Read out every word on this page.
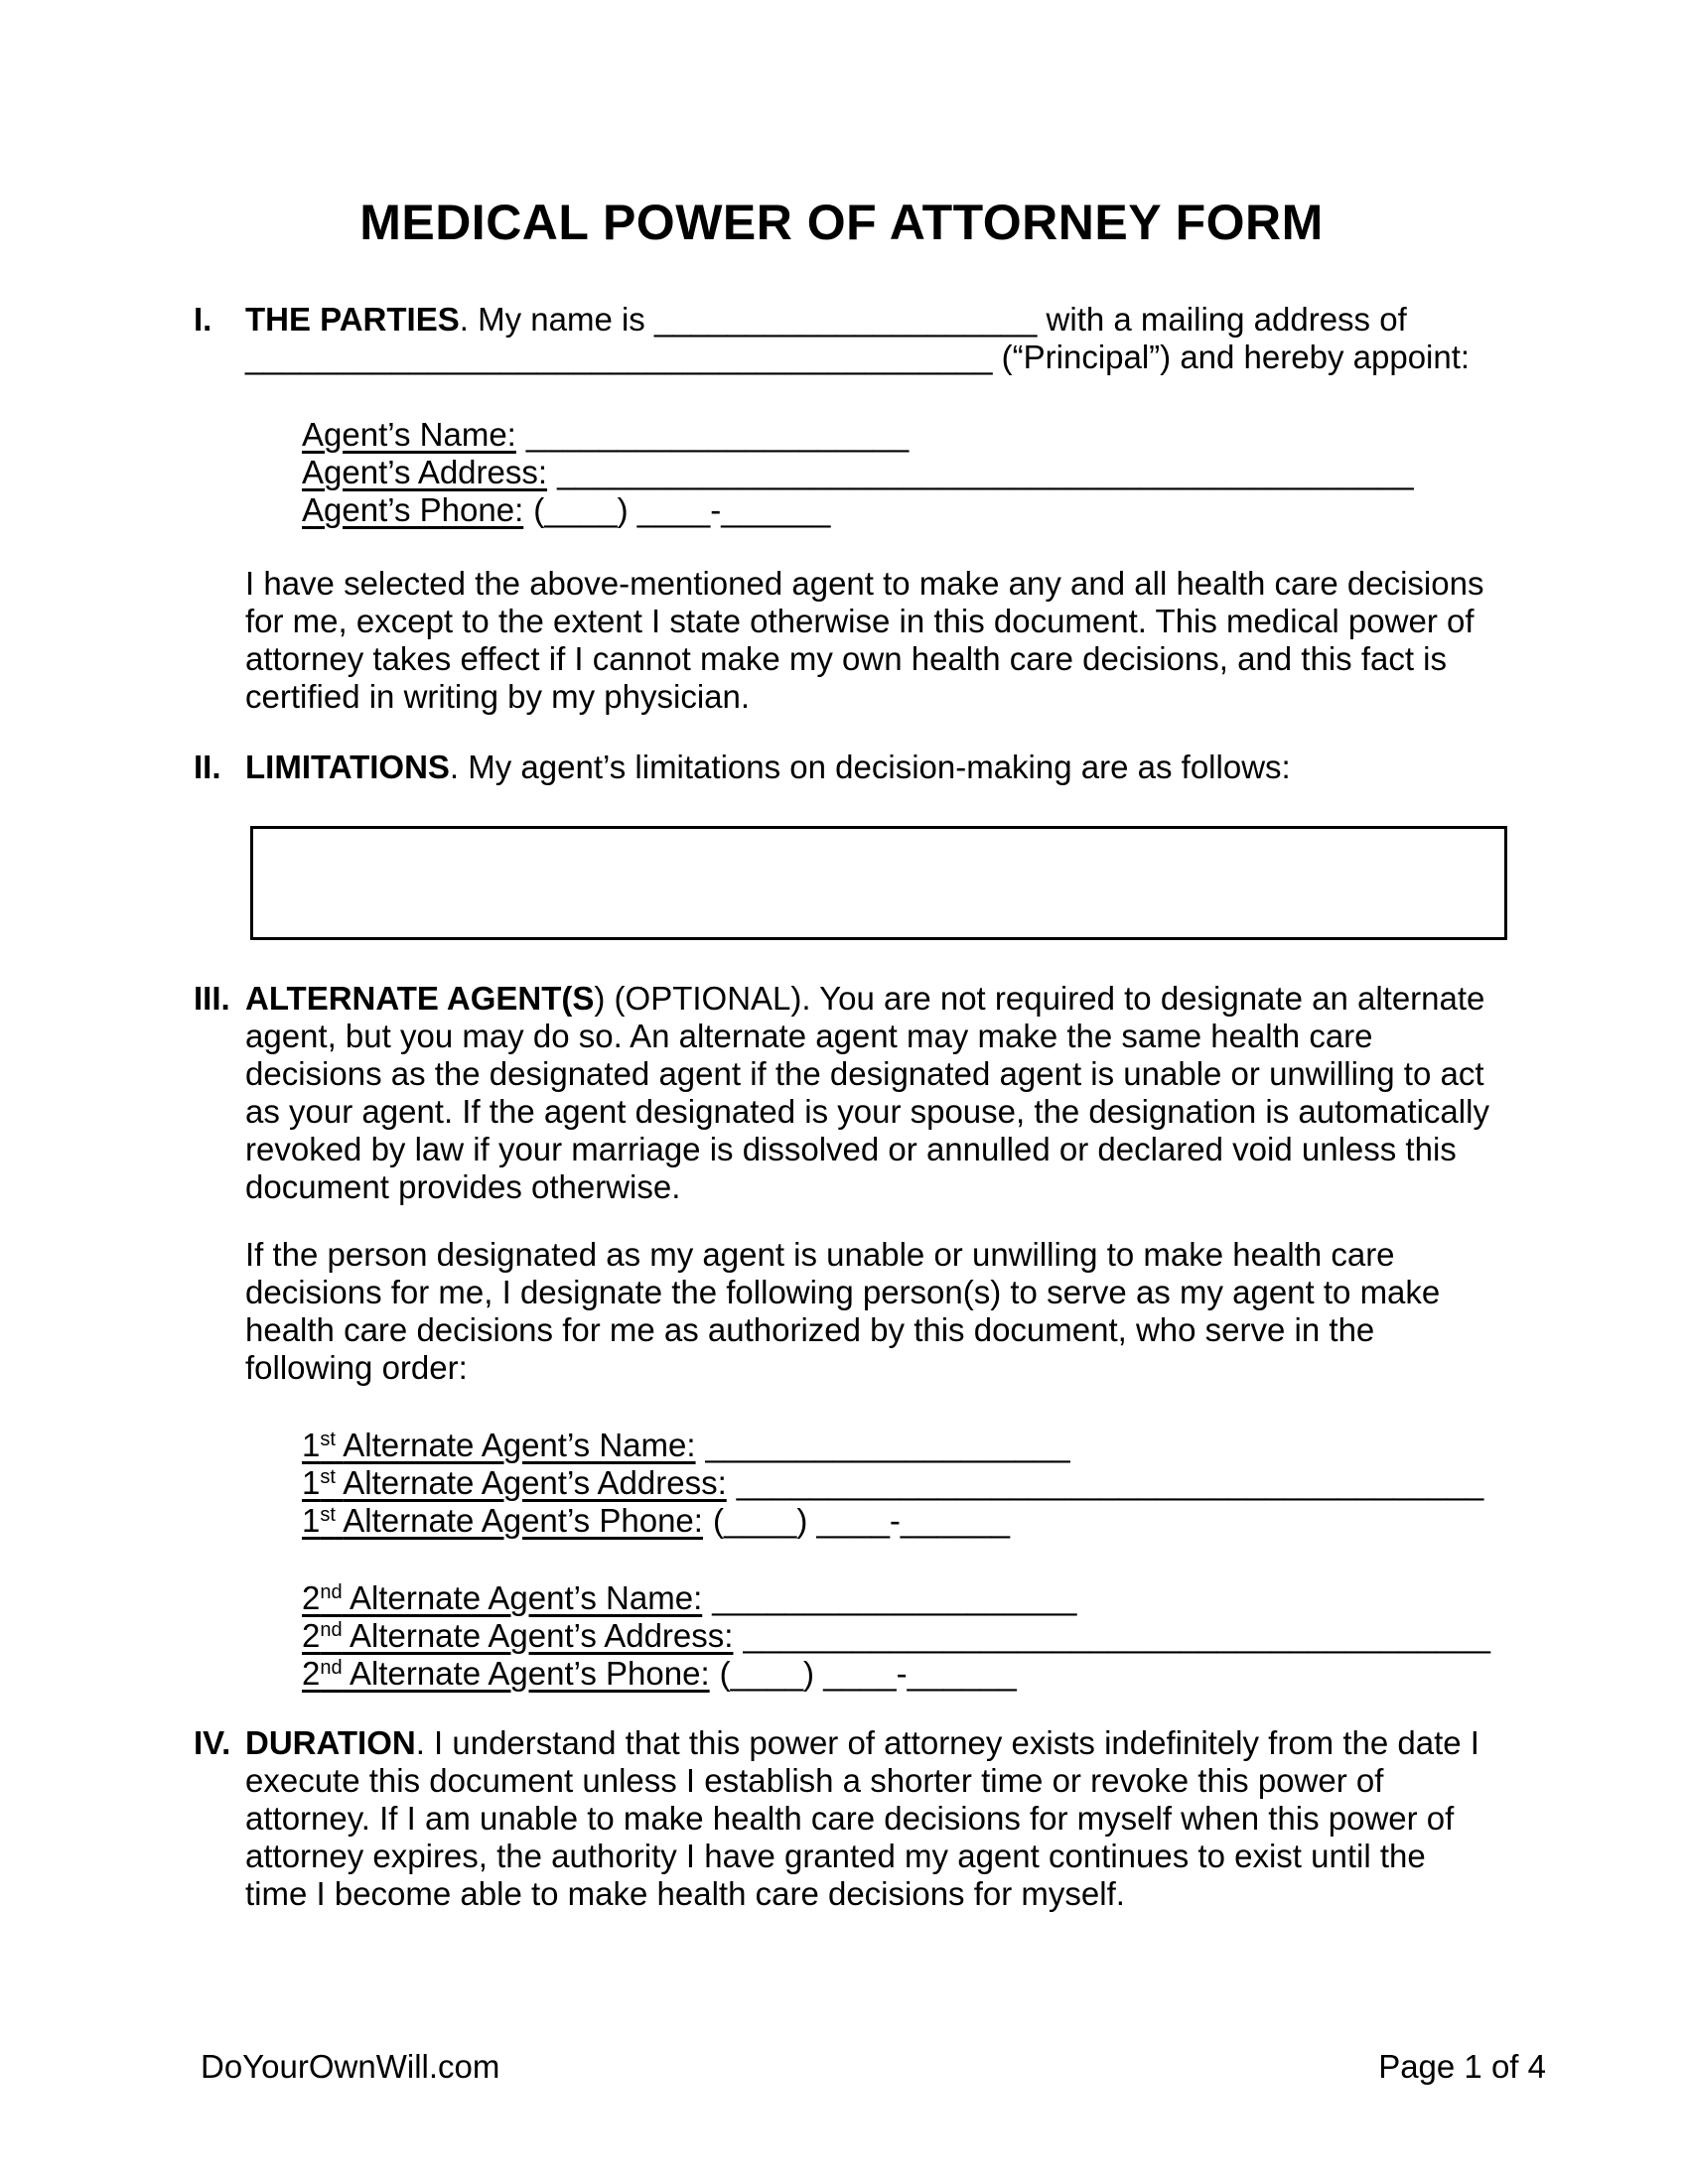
MEDICAL POWER OF ATTORNEY FORM
I.	THE PARTIES. My name is _____________________ with a mailing address of
_________________________________________ (“Principal”) and hereby appoint:
Agent’s Name: _____________________
Agent’s Address: _______________________________________________
Agent’s Phone: (____) ____-______

I have selected the above-mentioned agent to make any and all health care decisions for me, except to the extent I state otherwise in this document. This medical power of attorney takes effect if I cannot make my own health care decisions, and this fact is certified in writing by my physician.

II. LIMITATIONS. My agent’s limitations on decision-making are as follows:
III. ALTERNATE AGENT(S) (OPTIONAL). You are not required to designate an alternate agent, but you may do so. An alternate agent may make the same health care decisions as the designated agent if the designated agent is unable or unwilling to act as your agent. If the agent designated is your spouse, the designation is automatically revoked by law if your marriage is dissolved or annulled or declared void unless this document provides otherwise.

If the person designated as my agent is unable or unwilling to make health care decisions for me, I designate the following person(s) to serve as my agent to make health care decisions for me as authorized by this document, who serve in the following order:

1st Alternate Agent’s Name: ____________________
1st Alternate Agent’s Address: _________________________________________
1st Alternate Agent’s Phone: (____) ____-______
2nd Alternate Agent’s Name: ____________________
2nd Alternate Agent’s Address: _________________________________________
2nd Alternate Agent’s Phone: (____) ____-______
IV. DURATION. I understand that this power of attorney exists indefinitely from the date I execute this document unless I establish a shorter time or revoke this power of attorney. If I am unable to make health care decisions for myself when this power of attorney expires, the authority I have granted my agent continues to exist until the time I become able to make health care decisions for myself.
DoYourOwnWill.com	Page 1 of 4
